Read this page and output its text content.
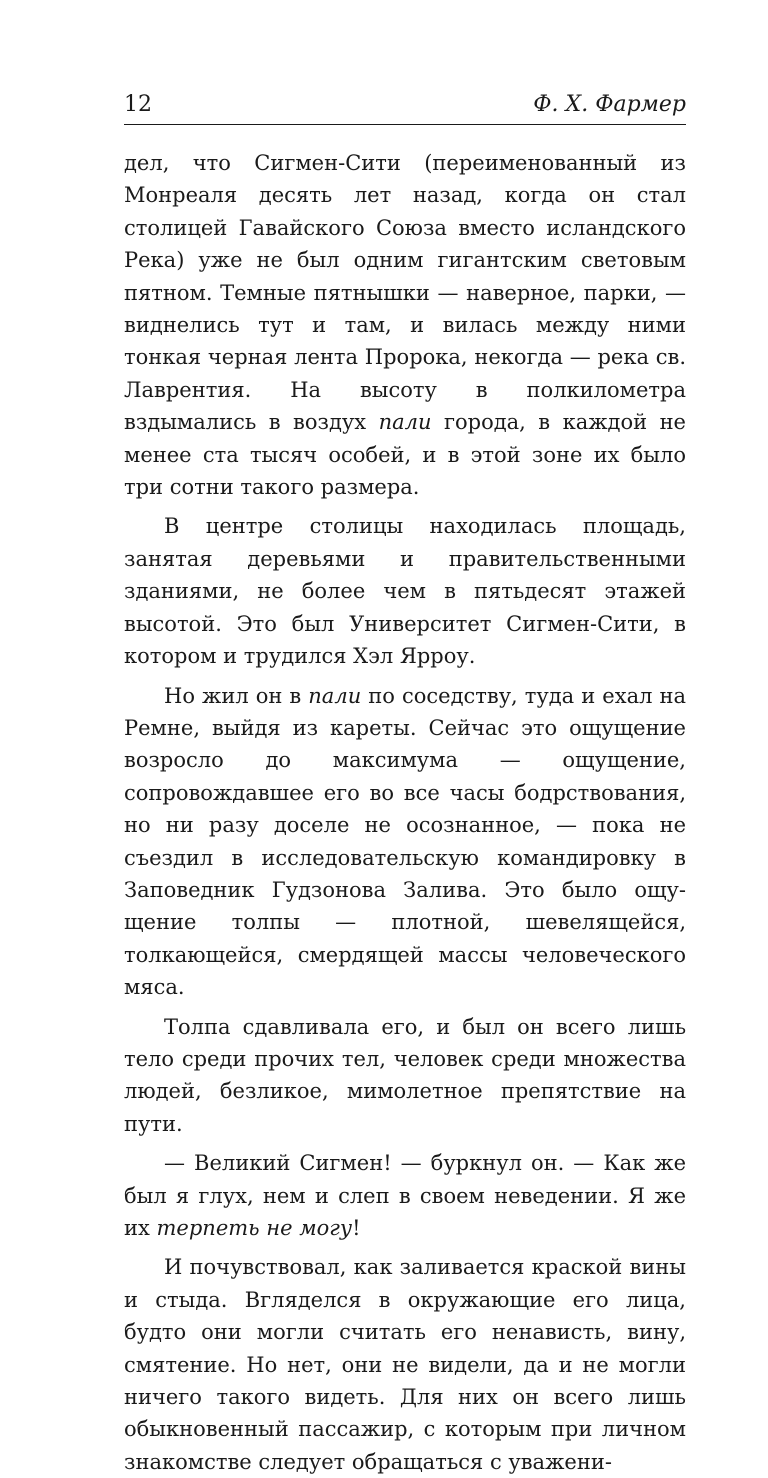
12	Ф. Х. Фармер

дел, что Сигмен-Сити (переименованный из Монреаля десять лет назад, когда он стал столицей Гавайского Союза вместо исландского Река) уже не был одним гигантским световым пятном. Темные пятнышки — наверное, парки, — виднелись тут и там, и вилась между ними тонкая черная лента Пророка, некогда — река св. Лаврентия. На высоту в полкилометра вздымались в воздух пали города, в каждой не менее ста тысяч особей, и в этой зоне их было три сотни такого размера.

В центре столицы находилась площадь, занятая деревьями и правительственными зданиями, не более чем в пятьдесят этажей высотой. Это был Университет Сигмен-Сити, в котором и трудился Хэл Ярроу.

Но жил он в пали по соседству, туда и ехал на Ремне, выйдя из кареты. Сейчас это ощущение возросло до максимума — ощущение, сопровождавшее его во все часы бодрствования, но ни разу доселе не осознанное, — пока не съездил в исследовательскую командировку в Заповедник Гудзонова Залива. Это было ощущение толпы — плотной, шевелящейся, толкающейся, смердящей массы человеческого мяса.

Толпа сдавливала его, и был он всего лишь тело среди прочих тел, человек среди множества людей, безликое, мимолетное препятствие на пути.

— Великий Сигмен! — буркнул он. — Как же был я глух, нем и слеп в своем неведении. Я же их терпеть не могу!

И почувствовал, как заливается краской вины и стыда. Вгляделся в окружающие его лица, будто они могли считать его ненависть, вину, смятение. Но нет, они не видели, да и не могли ничего такого видеть. Для них он всего лишь обыкновенный пассажир, с которым при личном знакомстве следует обращаться с уважени-
